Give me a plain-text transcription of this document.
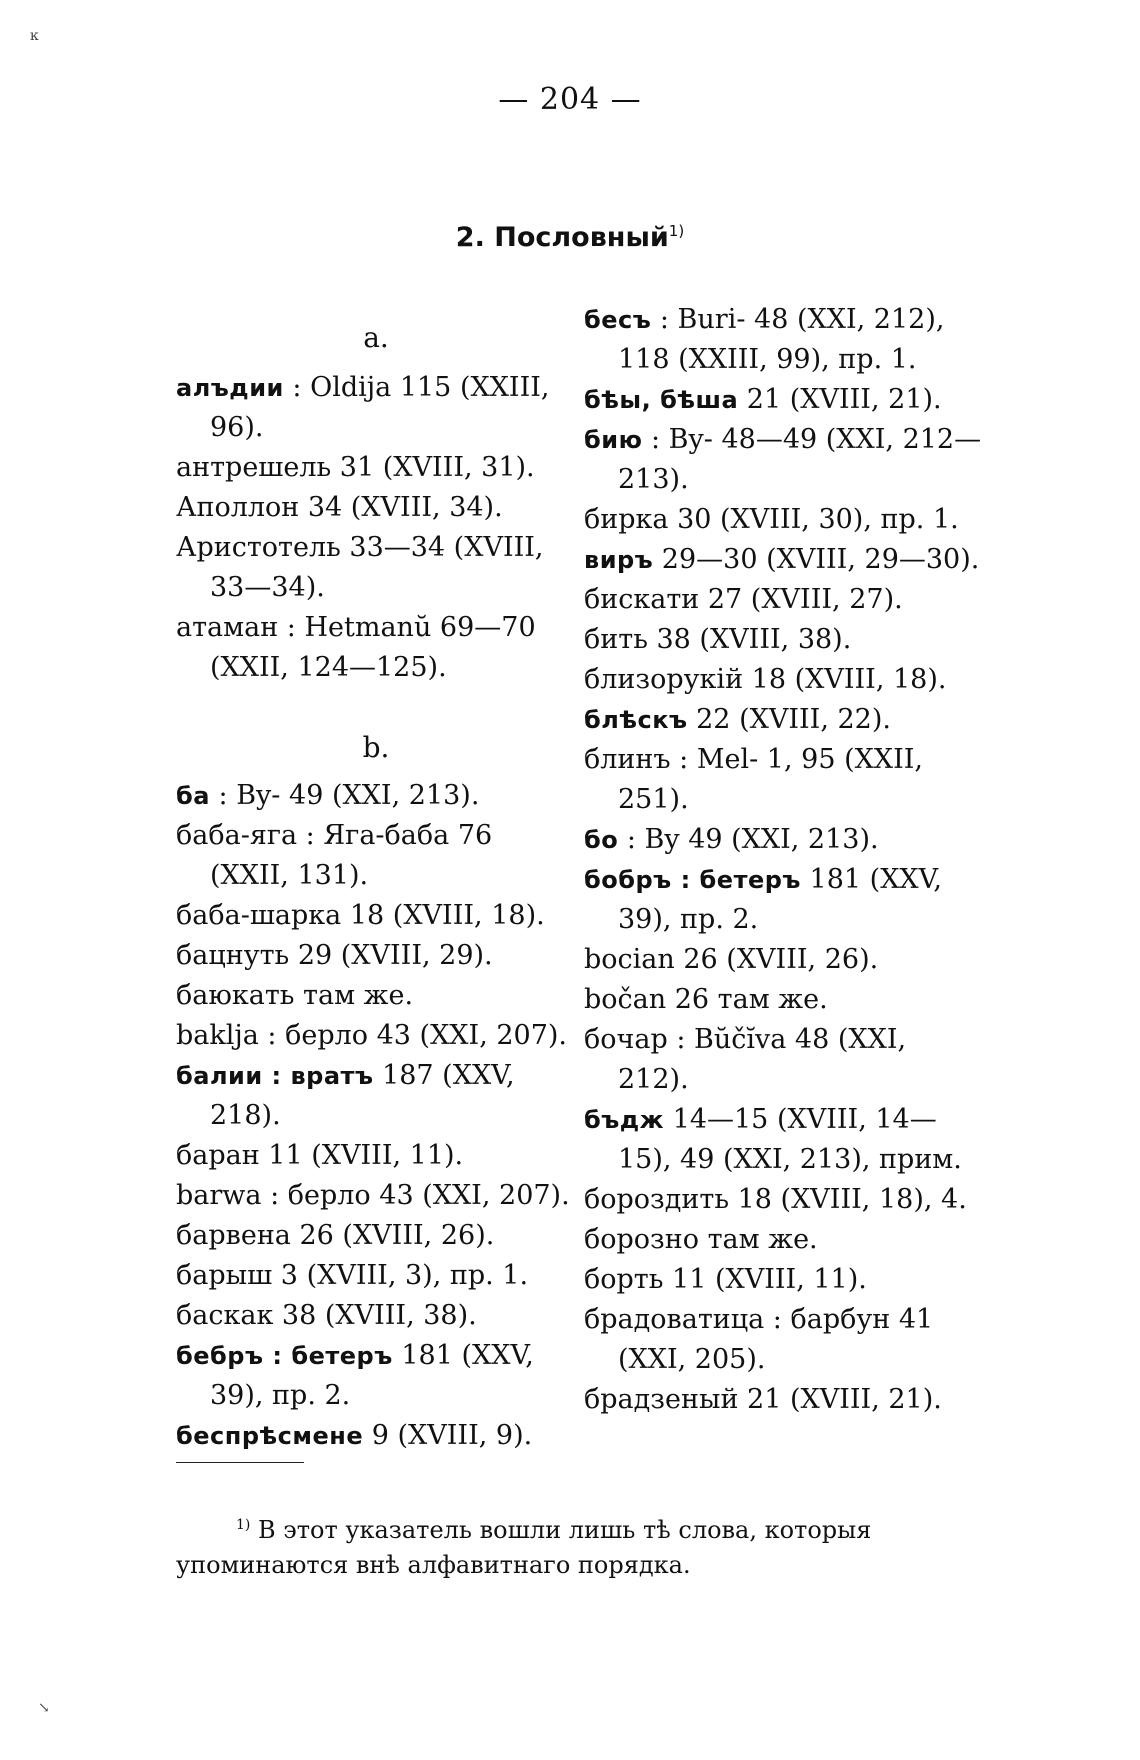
ĸ
↘
— 204 —
2. Пословный$^{1)}$
a.
алъдии : Oldija 115 (XXIII, 96).
антрешель 31 (XVIII, 31).
Аполлон 34 (XVIII, 34).
Аристотель 33—34 (XVIII, 33—34).
атаман : Hetmanŭ 69—70 (XXII, 124—125).
b.
ба : By- 49 (XXI, 213).
баба-яга : Яга-баба 76 (XXII, 131).
баба-шарка 18 (XVIII, 18).
бацнуть 29 (XVIII, 29).
баюкать там же.
baklja : берло 43 (XXI, 207).
балии : вратъ 187 (XXV, 218).
баран 11 (XVIII, 11).
barwa : берло 43 (XXI, 207).
барвена 26 (XVIII, 26).
барыш 3 (XVIII, 3), пр. 1.
баскак 38 (XVIII, 38).
бебръ : бетеръ 181 (XXV, 39), пр. 2.
беспрѣсмене 9 (XVIII, 9).
бесъ : Buri- 48 (XXI, 212), 118 (XXIII, 99), пр. 1.
бѣы, бѣша 21 (XVIII, 21).
бию : By- 48—49 (XXI, 212—213).
бирка 30 (XVIII, 30), пр. 1.
виръ 29—30 (XVIII, 29—30).
бискати 27 (XVIII, 27).
бить 38 (XVIII, 38).
близорукій 18 (XVIII, 18).
блѣскъ 22 (XVIII, 22).
блинъ : Mel- 1, 95 (XXII, 251).
бо : By 49 (XXI, 213).
бобръ : бетеръ 181 (XXV, 39), пр. 2.
bocian 26 (XVIII, 26).
bočan 26 там же.
бочар : Bŭčĭva 48 (XXI, 212).
бъдж 14—15 (XVIII, 14—15), 49 (XXI, 213), прим.
бороздить 18 (XVIII, 18), 4.
борозно там же.
борть 11 (XVIII, 11).
брадоватица : барбун 41 (XXI, 205).
брадзеный 21 (XVIII, 21).
$^{1)}$ В этот указатель вошли лишь тѣ слова, которыя упоминаются внѣ алфавитнаго порядка.
